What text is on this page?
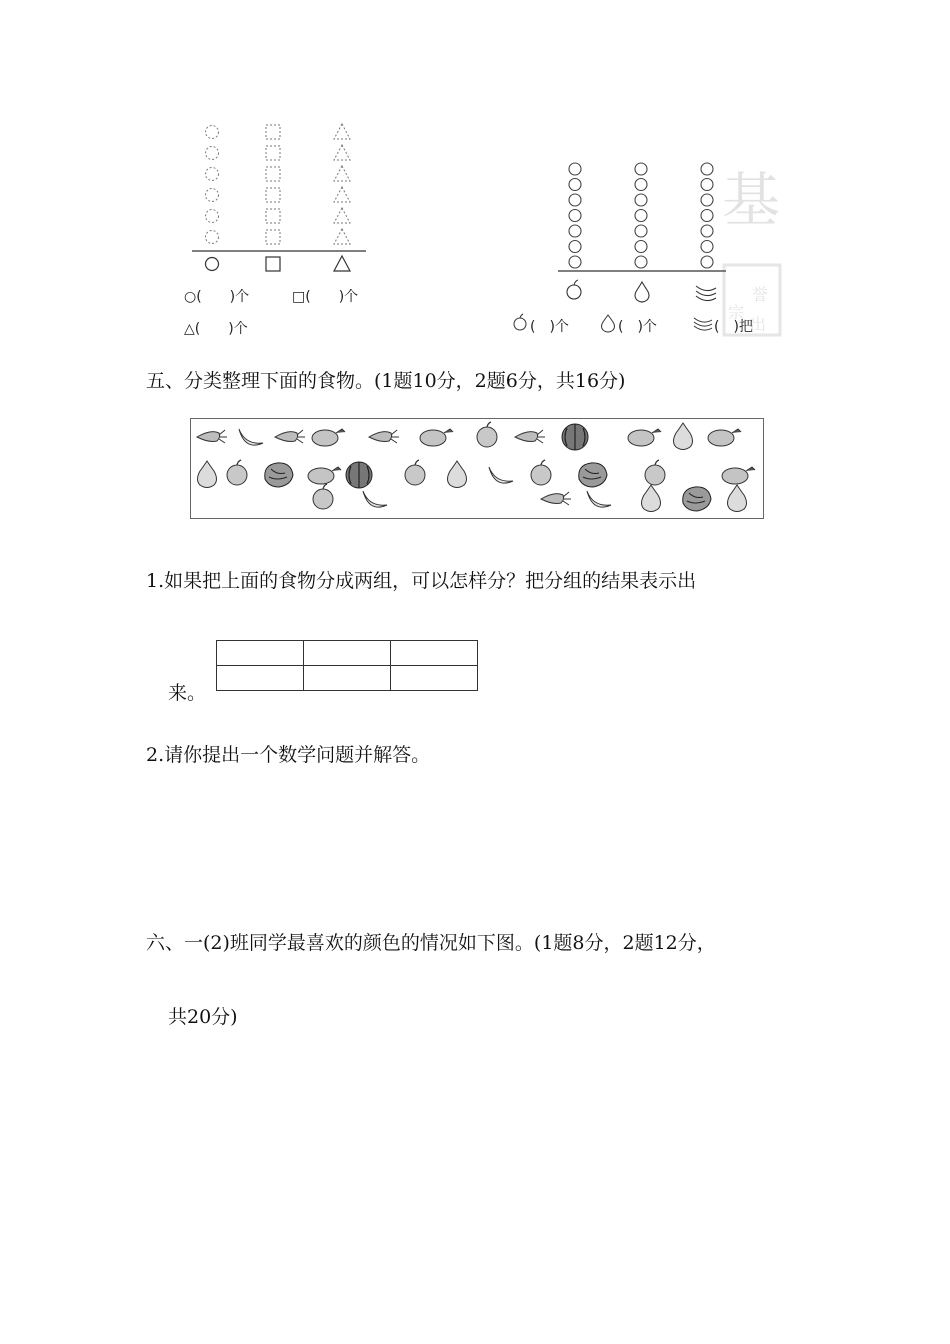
○(　　)个	□(　　)个
△(　　)个
基
誉
宗
出
(　)个	(　)个	(　)把
五、分类整理下面的食物。(1题10分，2题6分，共16分)
1.如果把上面的食物分成两组，可以怎样分？把分组的结果表示出

来。
2.请你提出一个数学问题并解答。
六、一(2)班同学最喜欢的颜色的情况如下图。(1题8分，2题12分，
共20分)
